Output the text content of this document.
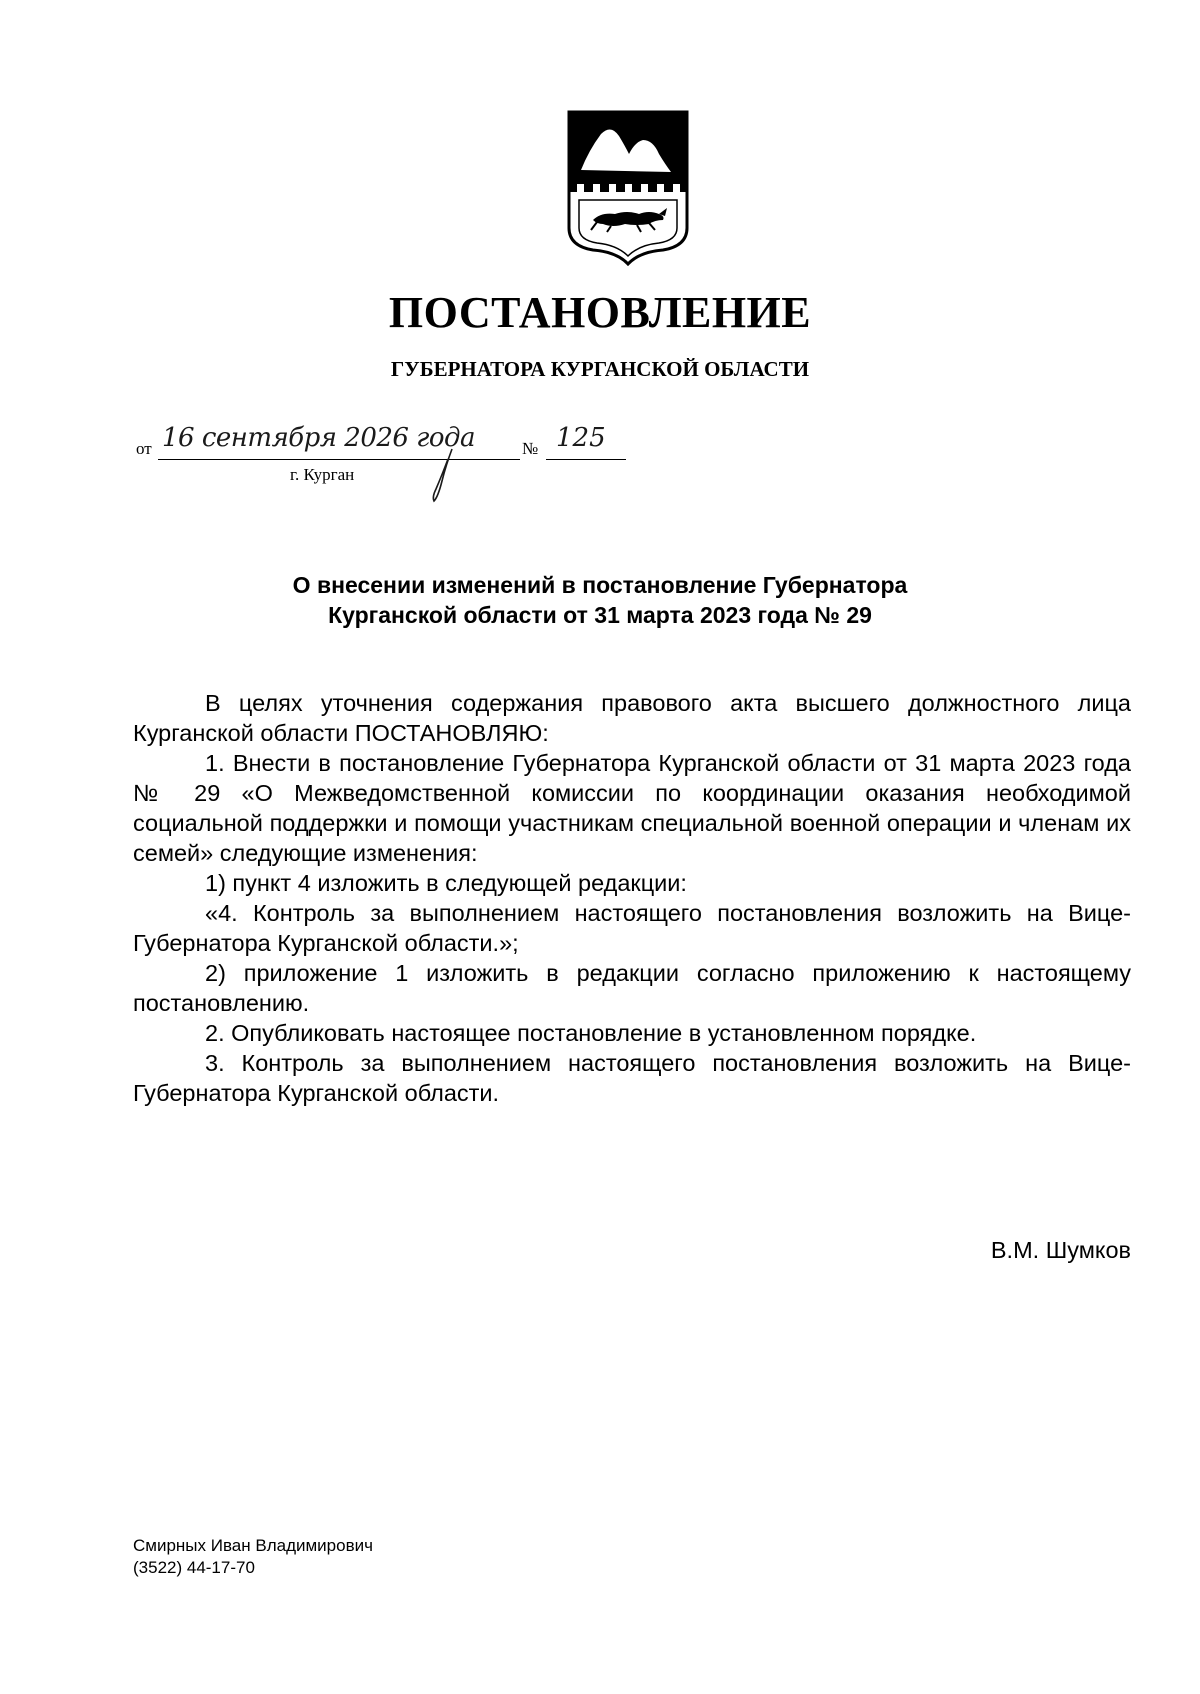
ПОСТАНОВЛЕНИЕ
ГУБЕРНАТОРА КУРГАНСКОЙ ОБЛАСТИ
от 16 сентября 2026 года	№ 125
г. Курган
О внесении изменений в постановление Губернатора
Курганской области от 31 марта 2023 года № 29

В целях уточнения содержания правового акта высшего должностного лица Курганской области ПОСТАНОВЛЯЮ:

1. Внести в постановление Губернатора Курганской области от 31 марта 2023 года № 29 «О Межведомственной комиссии по координации оказания необходимой социальной поддержки и помощи участникам специальной военной операции и членам их семей» следующие изменения:

1) пункт 4 изложить в следующей редакции:

«4. Контроль за выполнением настоящего постановления возложить на Вице-Губернатора Курганской области.»;

2) приложение 1 изложить в редакции согласно приложению к настоящему постановлению.

2. Опубликовать настоящее постановление в установленном порядке.

3. Контроль за выполнением настоящего постановления возложить на Вице-Губернатора Курганской области.

В.М. Шумков
Смирных Иван Владимирович
(3522) 44-17-70
